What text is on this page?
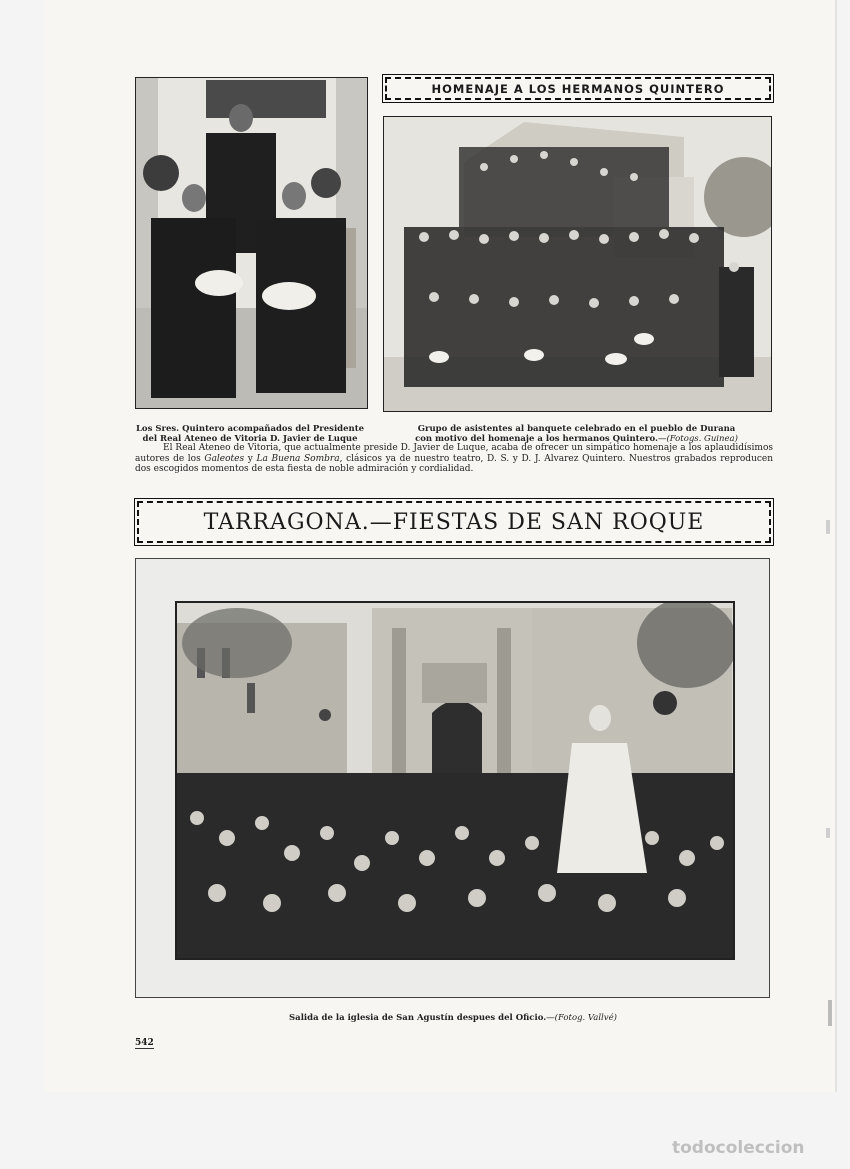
HOMENAJE A LOS HERMANOS QUINTERO
Los Sres. Quintero acompañados del Presidente
del Real Ateneo de Vitoria D. Javier de Luque
Grupo de asistentes al banquete celebrado en el pueblo de Durana
con motivo del homenaje a los hermanos Quintero.—(Fotogs. Guinea)
El Real Ateneo de Vitoria, que actualmente preside D. Javier de Luque, acaba de ofrecer un simpático homenaje a los aplaudidísimos autores de los Galeotes y La Buena Sombra, clásicos ya de nuestro teatro, D. S. y D. J. Alvarez Quintero. Nuestros grabados reproducen dos escogidos momentos de esta fiesta de noble admiración y cordialidad.
TARRAGONA.—FIESTAS DE SAN ROQUE
Salida de la iglesia de San Agustín despues del Oficio.—(Fotog. Vallvé)
542
todocoleccion
